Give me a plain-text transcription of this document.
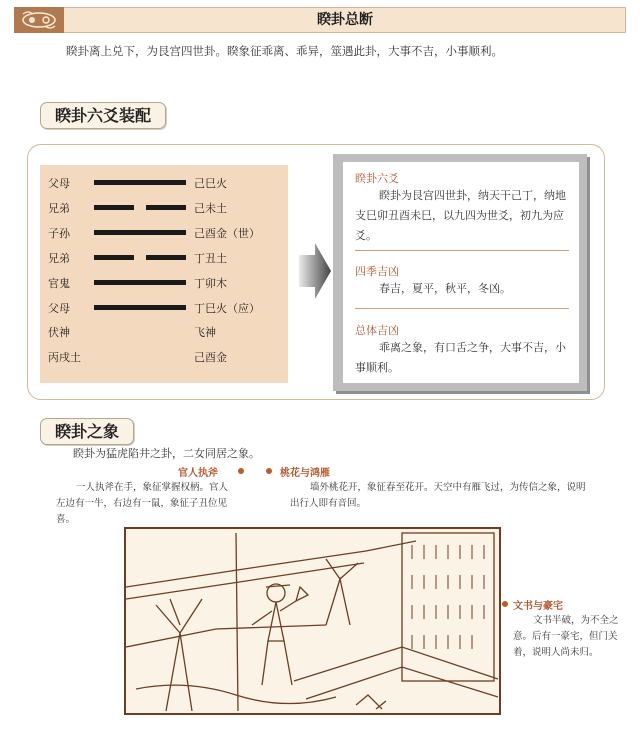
睽卦总断
睽卦离上兑下，为艮宫四世卦。睽象征乖离、乖异，筮遇此卦，大事不吉，小事顺利。
睽卦六爻装配
父母	己巳火
兄弟	己未土
子孙	己酉金（世）
兄弟	丁丑土
官鬼	丁卯木
父母	丁巳火（应）
伏神	飞神
丙戌土	己酉金
睽卦六爻
睽卦为艮宫四世卦，纳天干己丁，纳地支巳卯丑酉未巳，以九四为世爻，初九为应爻。
四季吉凶
春吉，夏平，秋平，冬凶。
总体吉凶
乖离之象，有口舌之争，大事不吉，小事顺利。
睽卦之象
睽卦为猛虎陷井之卦，二女同居之象。
官人执斧
一人执斧在手，象征掌握权柄。官人左边有一牛，右边有一鼠，象征子丑位见喜。
桃花与鸿雁
墙外桃花开，象征春至花开。天空中有雁飞过，为传信之象，说明出行人即有音回。
文书与豪宅
文书半破，为不全之意。后有一豪宅，但门关着，说明人尚未归。
